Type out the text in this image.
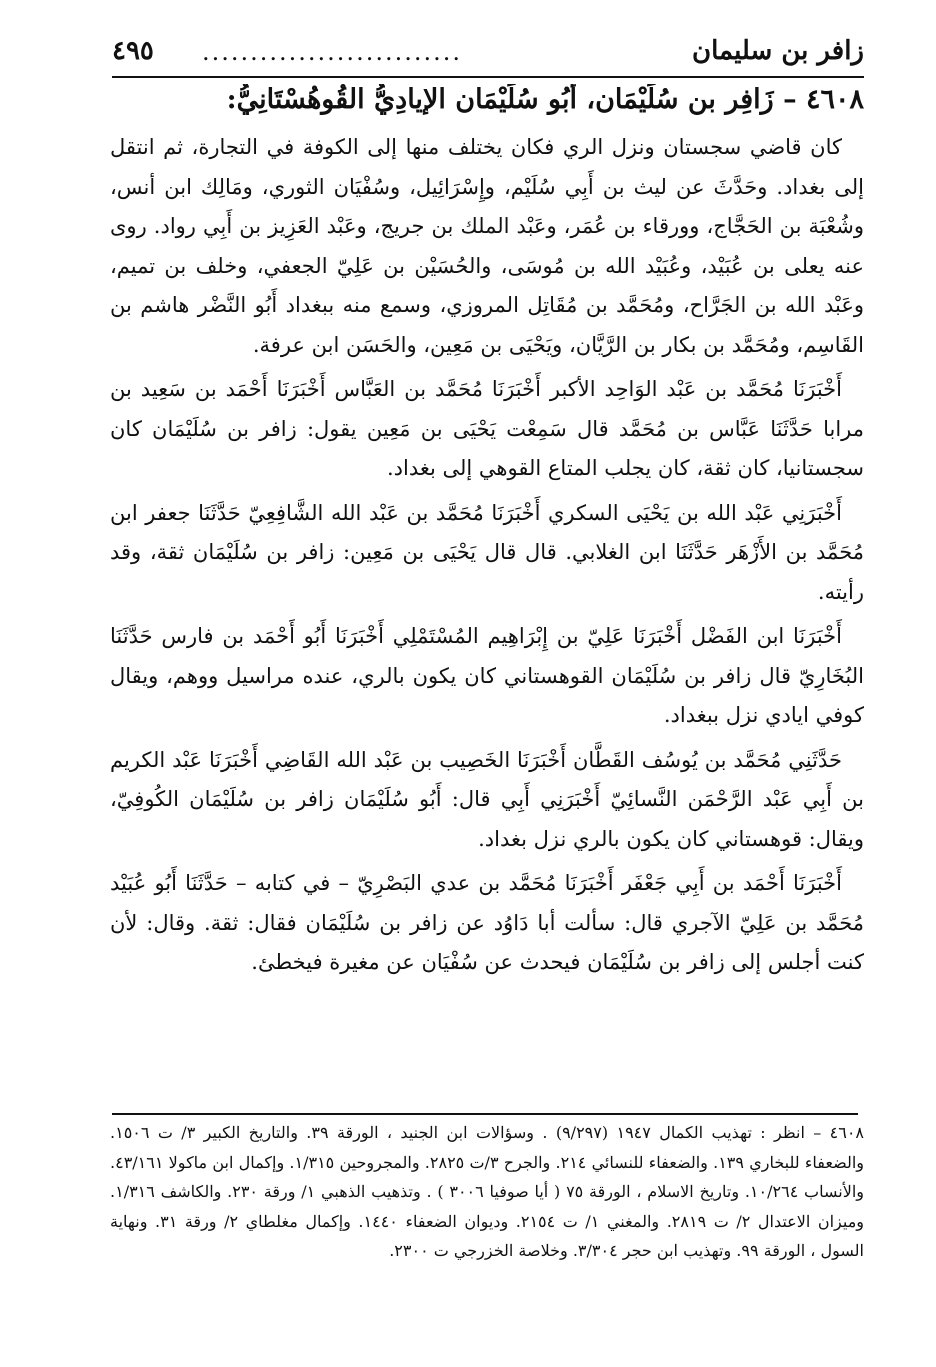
زافر بن سليمان
...........................
٤٩٥
٤٦٠٨ – زَافِر بن سُلَيْمَان، أَبُو سُلَيْمَان الإِيادِيُّ القُوهُسْتَانِيُّ:

كان قاضي سجستان ونزل الري فكان يختلف منها إلى الكوفة في التجارة، ثم انتقل إلى بغداد. وحَدَّثَ عن ليث بن أَبِي سُلَيْم، وإِسْرَائِيل، وسُفْيَان الثوري، ومَالِك ابن أنس، وشُعْبَة بن الحَجَّاج، وورقاء بن عُمَر، وعَبْد الملك بن جريج، وعَبْد العَزِيز بن أَبِي رواد. روى عنه يعلى بن عُبَيْد، وعُبَيْد الله بن مُوسَى، والحُسَيْن بن عَلِيّ الجعفي، وخلف بن تميم، وعَبْد الله بن الجَرَّاح، ومُحَمَّد بن مُقَاتِل المروزي، وسمع منه ببغداد أَبُو النَّضْر هاشم بن القَاسِم، ومُحَمَّد بن بكار بن الرَّيَّان، ويَحْيَى بن مَعِين، والحَسَن ابن عرفة.

أَخْبَرَنَا مُحَمَّد بن عَبْد الوَاحِد الأكبر أَخْبَرَنَا مُحَمَّد بن العَبَّاس أَخْبَرَنَا أَحْمَد بن سَعِيد بن مرابا حَدَّثَنَا عَبَّاس بن مُحَمَّد قال سَمِعْت يَحْيَى بن مَعِين يقول: زافر بن سُلَيْمَان كان سجستانيا، كان ثقة، كان يجلب المتاع القوهي إلى بغداد.

أَخْبَرَنِي عَبْد الله بن يَحْيَى السكري أَخْبَرَنَا مُحَمَّد بن عَبْد الله الشَّافِعِيّ حَدَّثَنَا جعفر ابن مُحَمَّد بن الأَزْهَر حَدَّثَنَا ابن الغلابي. قال قال يَحْيَى بن مَعِين: زافر بن سُلَيْمَان ثقة، وقد رأيته.

أَخْبَرَنَا ابن الفَضْل أَخْبَرَنَا عَلِيّ بن إِبْرَاهِيم المُسْتَمْلِي أَخْبَرَنَا أَبُو أَحْمَد بن فارس حَدَّثَنَا البُخَارِيّ قال زافر بن سُلَيْمَان القوهستاني كان يكون بالري، عنده مراسيل ووهم، ويقال كوفي ايادي نزل ببغداد.

حَدَّثَنِي مُحَمَّد بن يُوسُف القَطَّان أَخْبَرَنَا الخَصِيب بن عَبْد الله القَاضِي أَخْبَرَنَا عَبْد الكريم بن أَبِي عَبْد الرَّحْمَن النَّسائِيّ أَخْبَرَنِي أَبِي قال: أَبُو سُلَيْمَان زافر بن سُلَيْمَان الكُوفِيّ، ويقال: قوهستاني كان يكون بالري نزل بغداد.

أَخْبَرَنَا أَحْمَد بن أَبِي جَعْفَر أَخْبَرَنَا مُحَمَّد بن عدي البَصْرِيّ – في كتابه – حَدَّثَنَا أَبُو عُبَيْد مُحَمَّد بن عَلِيّ الآجري قال: سألت أبا دَاوُد عن زافر بن سُلَيْمَان فقال: ثقة. وقال: لأن كنت أجلس إلى زافر بن سُلَيْمَان فيحدث عن سُفْيَان عن مغيرة فيخطئ.

٤٦٠٨ – انظر : تهذيب الكمال ١٩٤٧ (٩/٢٩٧) . وسؤالات ابن الجنيد ، الورقة ٣٩. والتاريخ الكبير ٣/ ت ١٥٠٦. والضعفاء للبخاري ١٣٩. والضعفاء للنسائي ٢١٤. والجرح ٣/ت ٢٨٢٥. والمجروحين ١/٣١٥. وإكمال ابن ماكولا ٤٣/١٦١. والأنساب ١٠/٢٦٤. وتاريخ الاسلام ، الورقة ٧٥ ( أيا صوفيا ٣٠٠٦ ) . وتذهيب الذهبي ١/ ورقة ٢٣٠. والكاشف ١/٣١٦. وميزان الاعتدال ٢/ ت ٢٨١٩. والمغني ١/ ت ٢١٥٤. وديوان الضعفاء ١٤٤٠. وإكمال مغلطاي ٢/ ورقة ٣١. ونهاية السول ، الورقة ٩٩. وتهذيب ابن حجر ٣/٣٠٤. وخلاصة الخزرجي ت ٢٣٠٠.
